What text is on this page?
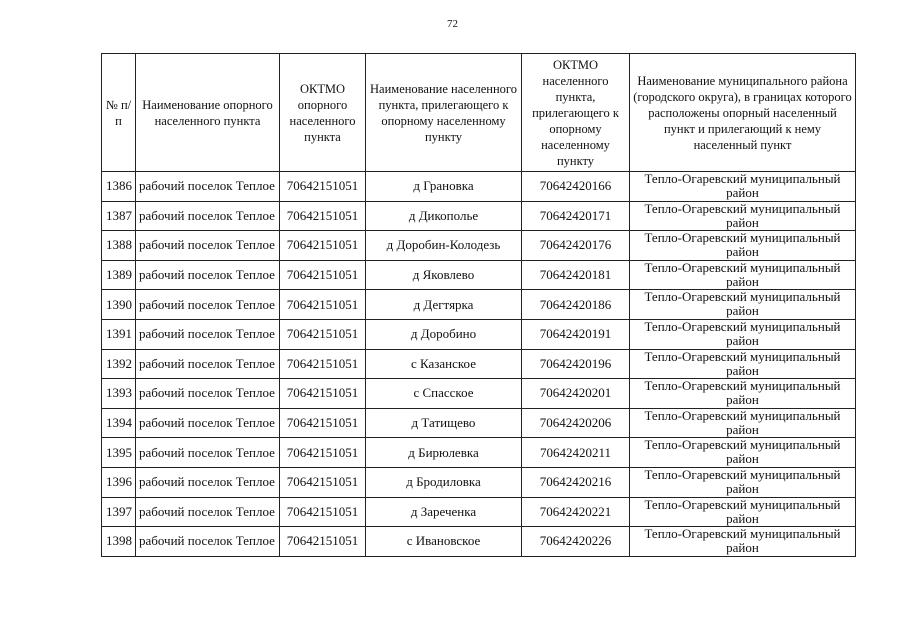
72
№ п/п	Наименование опорного населенного пункта	ОКТМО опорного населенного пункта	Наименование населенного пункта, прилегающего к опорному населенному пункту	ОКТМО населенного пункта, прилегающего к опорному населенному пункту	Наименование муниципального района (городского округа), в границах которого расположены опорный населенный пункт и прилегающий к нему населенный пункт

1386	рабочий поселок Теплое	70642151051	д Грановка	70642420166	Тепло-Огаревский муниципальный район
1387	рабочий поселок Теплое	70642151051	д Дикополье	70642420171	Тепло-Огаревский муниципальный район
1388	рабочий поселок Теплое	70642151051	д Доробин-Колодезь	70642420176	Тепло-Огаревский муниципальный район
1389	рабочий поселок Теплое	70642151051	д Яковлево	70642420181	Тепло-Огаревский муниципальный район
1390	рабочий поселок Теплое	70642151051	д Дегтярка	70642420186	Тепло-Огаревский муниципальный район
1391	рабочий поселок Теплое	70642151051	д Доробино	70642420191	Тепло-Огаревский муниципальный район
1392	рабочий поселок Теплое	70642151051	с Казанское	70642420196	Тепло-Огаревский муниципальный район
1393	рабочий поселок Теплое	70642151051	с Спасское	70642420201	Тепло-Огаревский муниципальный район
1394	рабочий поселок Теплое	70642151051	д Татищево	70642420206	Тепло-Огаревский муниципальный район
1395	рабочий поселок Теплое	70642151051	д Бирюлевка	70642420211	Тепло-Огаревский муниципальный район
1396	рабочий поселок Теплое	70642151051	д Бродиловка	70642420216	Тепло-Огаревский муниципальный район
1397	рабочий поселок Теплое	70642151051	д Зареченка	70642420221	Тепло-Огаревский муниципальный район
1398	рабочий поселок Теплое	70642151051	с Ивановское	70642420226	Тепло-Огаревский муниципальный район
